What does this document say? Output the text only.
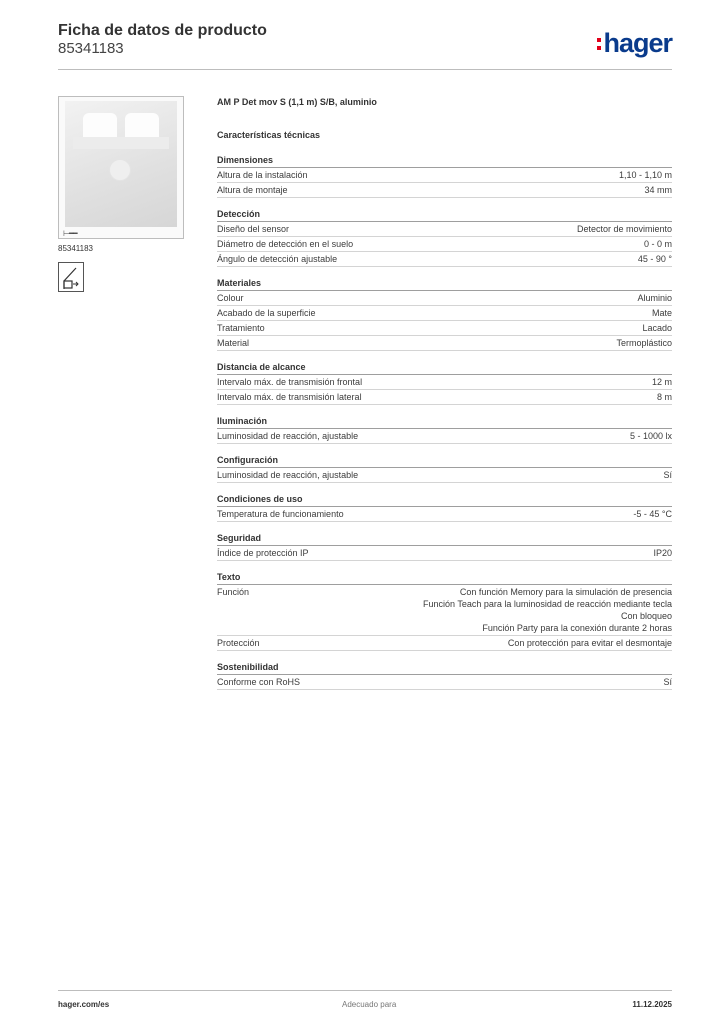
Ficha de datos de producto
85341183	hager
⊢━━
85341183
AM P Det mov S (1,1 m) S/B, aluminio
Características técnicas
Dimensiones
Altura de la instalación	1,10 - 1,10 m
Altura de montaje	34 mm
Detección
Diseño del sensor	Detector de movimiento
Diámetro de detección en el suelo	0 - 0 m
Ángulo de detección ajustable	45 - 90 °
Materiales
Colour	Aluminio
Acabado de la superficie	Mate
Tratamiento	Lacado
Material	Termoplástico
Distancia de alcance
Intervalo máx. de transmisión frontal	12 m
Intervalo máx. de transmisión lateral	8 m
Iluminación
Luminosidad de reacción, ajustable	5 - 1000 lx
Configuración
Luminosidad de reacción, ajustable	Sí
Condiciones de uso
Temperatura de funcionamiento	-5 - 45 °C
Seguridad
Índice de protección IP	IP20
Texto
Función	Con función Memory para la simulación de presencia
Función Teach para la luminosidad de reacción mediante tecla
Con bloqueo
Función Party para la conexión durante 2 horas
Protección	Con protección para evitar el desmontaje
Sostenibilidad
Conforme con RoHS	Sí
hager.com/es	Adecuado para	11.12.2025
